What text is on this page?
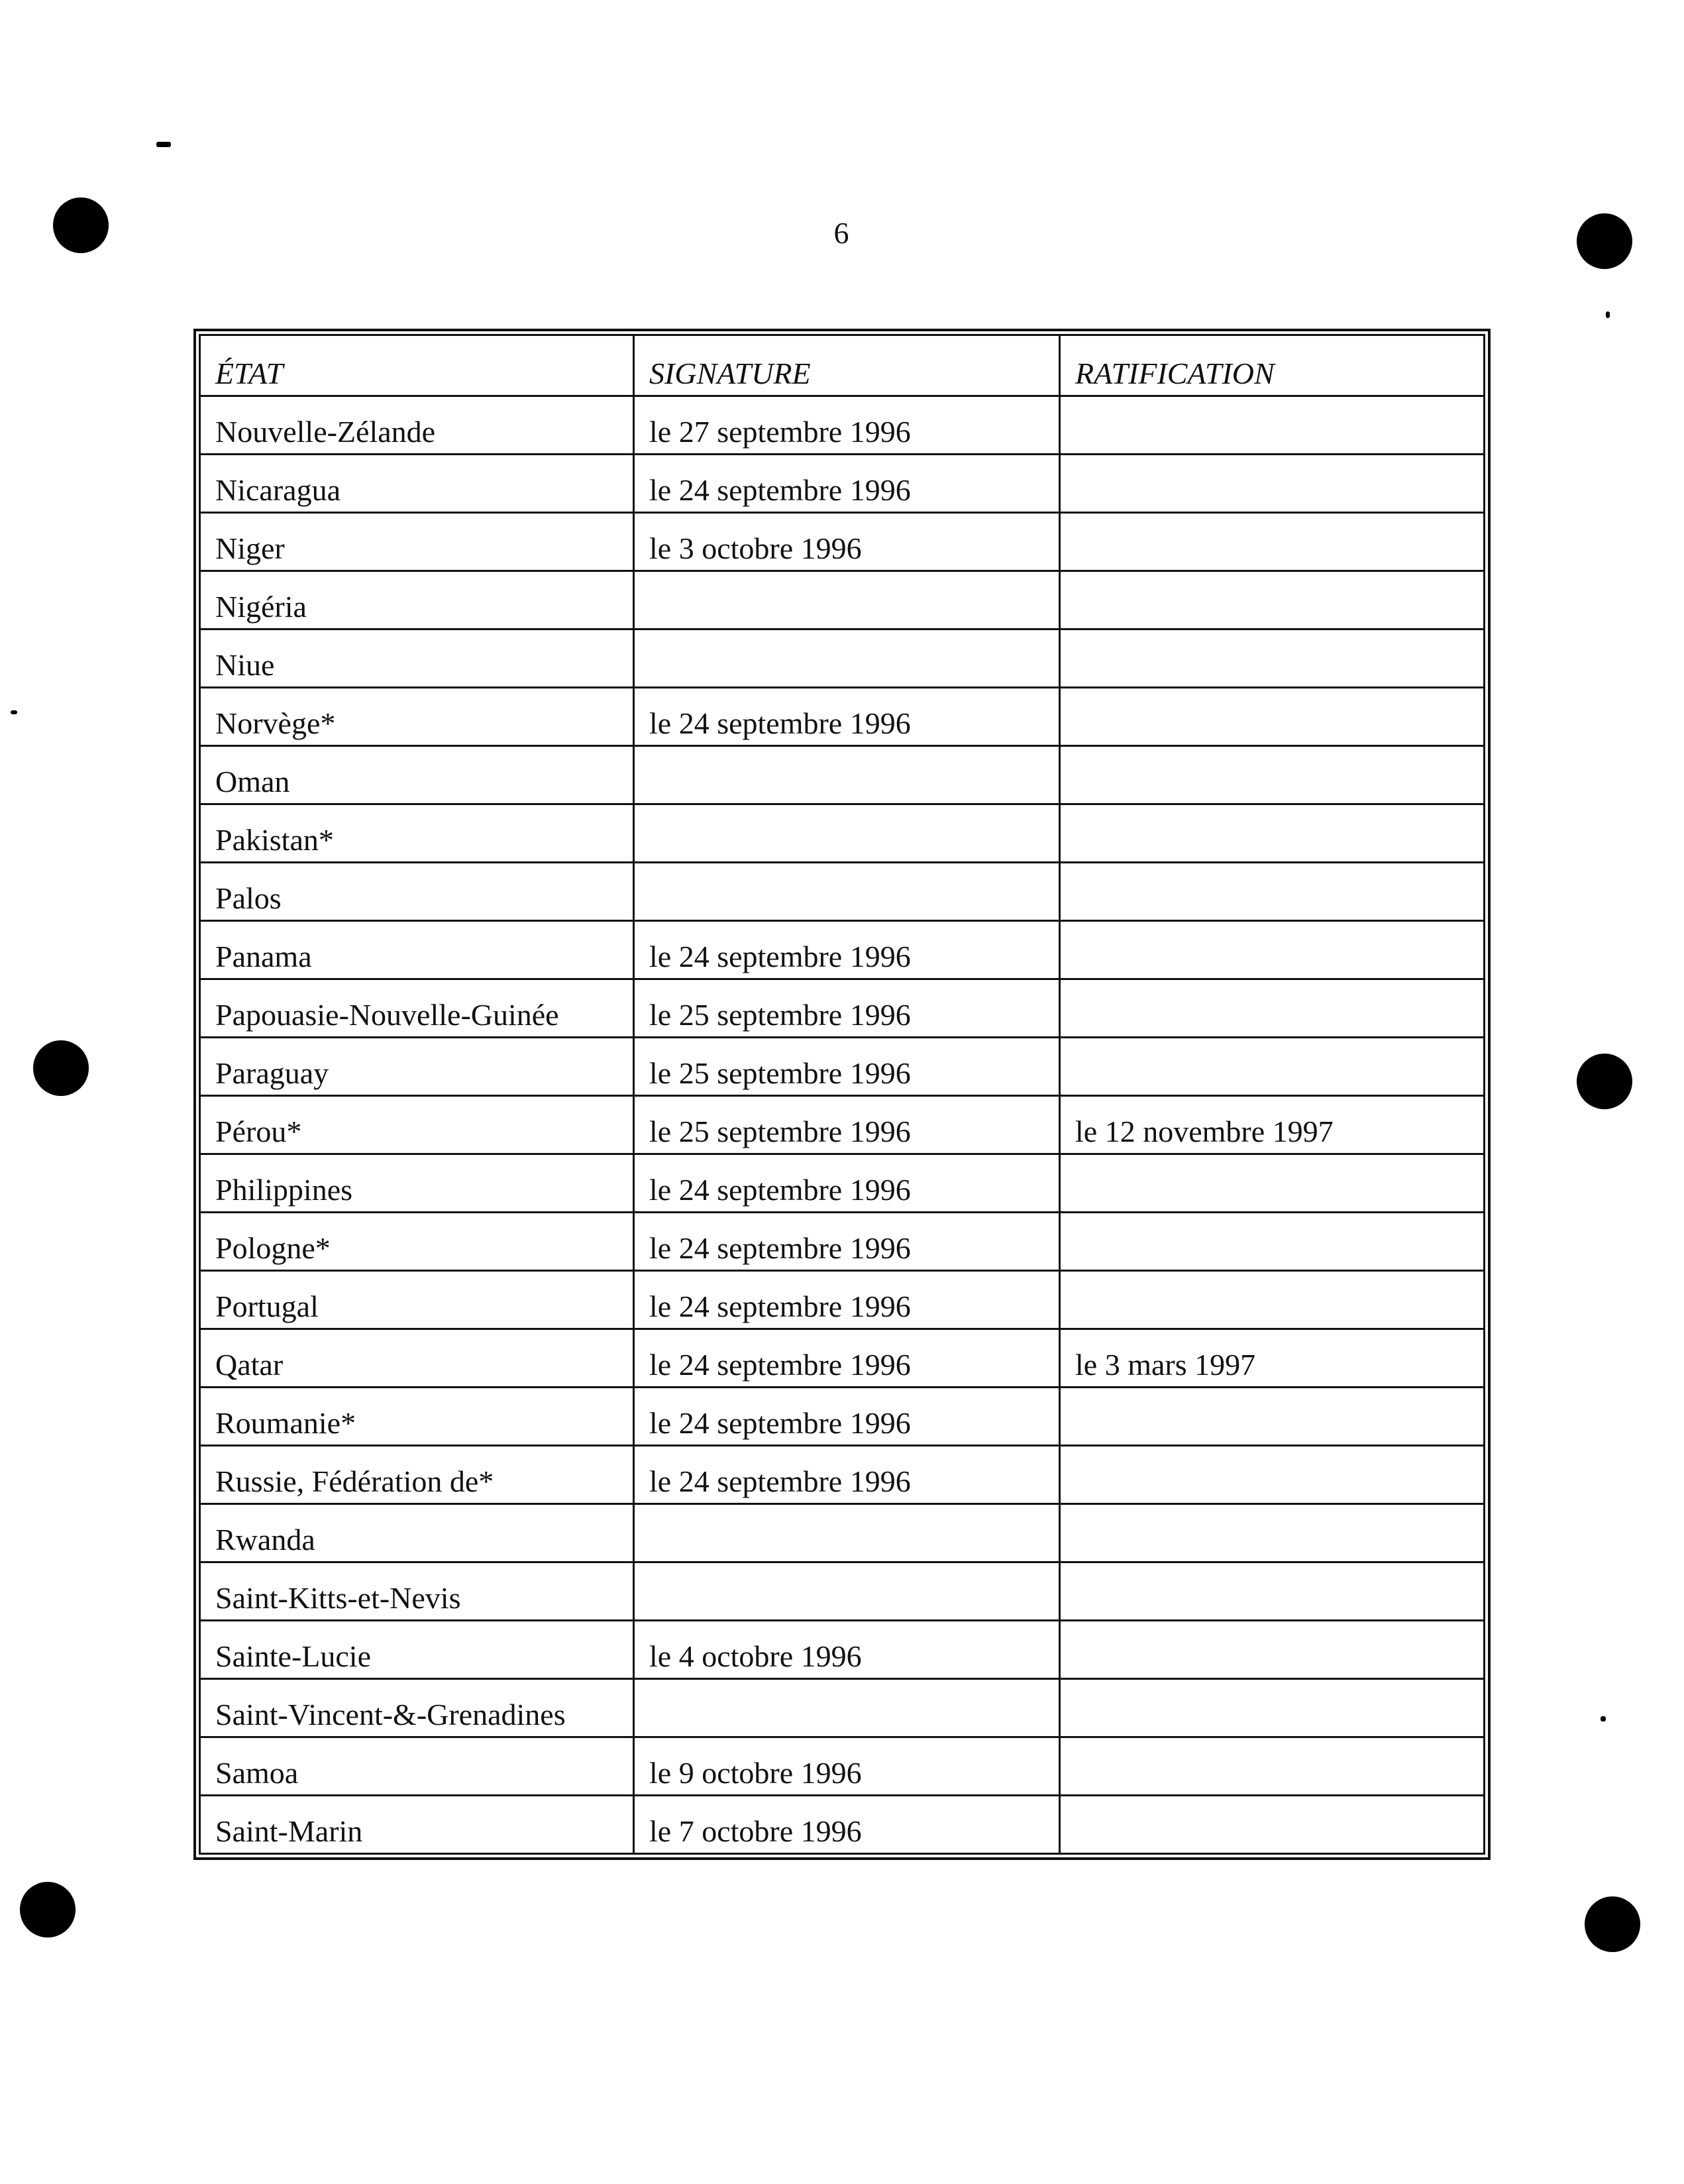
6
ÉTAT	SIGNATURE	RATIFICATION
Nouvelle-Zélande	le 27 septembre 1996	
Nicaragua	le 24 septembre 1996	
Niger	le 3 octobre 1996	
Nigéria		
Niue		
Norvège*	le 24 septembre 1996	
Oman		
Pakistan*		
Palos		
Panama	le 24 septembre 1996	
Papouasie-Nouvelle-Guinée	le 25 septembre 1996	
Paraguay	le 25 septembre 1996	
Pérou*	le 25 septembre 1996	le 12 novembre 1997
Philippines	le 24 septembre 1996	
Pologne*	le 24 septembre 1996	
Portugal	le 24 septembre 1996	
Qatar	le 24 septembre 1996	le 3 mars 1997
Roumanie*	le 24 septembre 1996	
Russie, Fédération de*	le 24 septembre 1996	
Rwanda		
Saint-Kitts-et-Nevis		
Sainte-Lucie	le 4 octobre 1996	
Saint-Vincent-&-Grenadines		
Samoa	le 9 octobre 1996	
Saint-Marin	le 7 octobre 1996	
